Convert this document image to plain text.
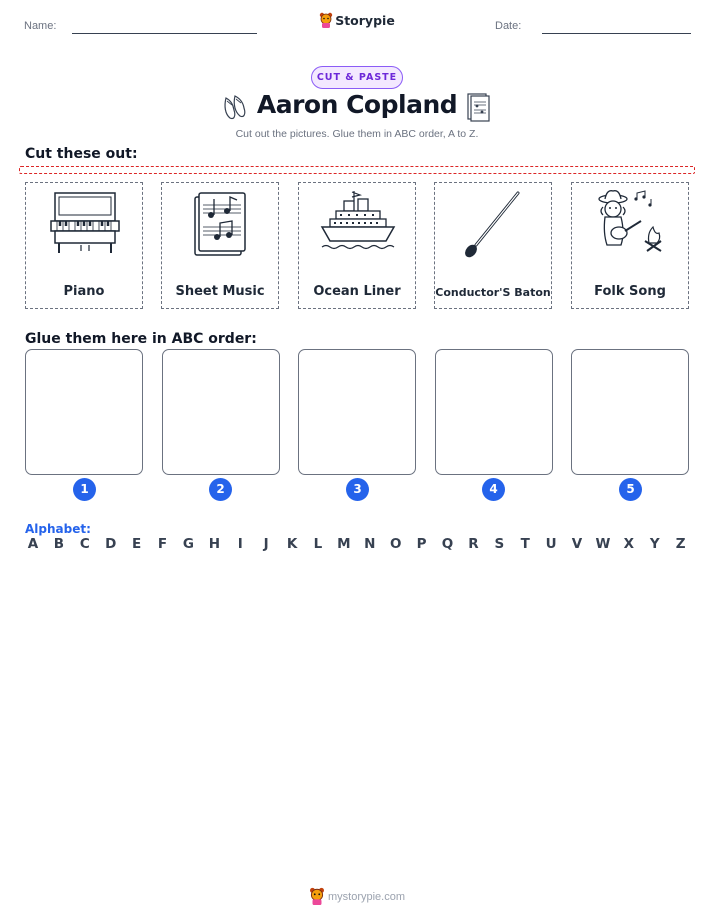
Name:	Storypie	Date:
CUT & PASTE
Aaron Copland
Cut out the pictures. Glue them in ABC order, A to Z.
Cut these out:
Piano	Sheet Music	Ocean Liner	Conductor'S Baton	Folk Song
Glue them here in ABC order:
1	2	3	4	5
Alphabet:
A B C D E F G H	I	J	K L M N O P Q R S T U V W X Y Z
mystorypie.com
